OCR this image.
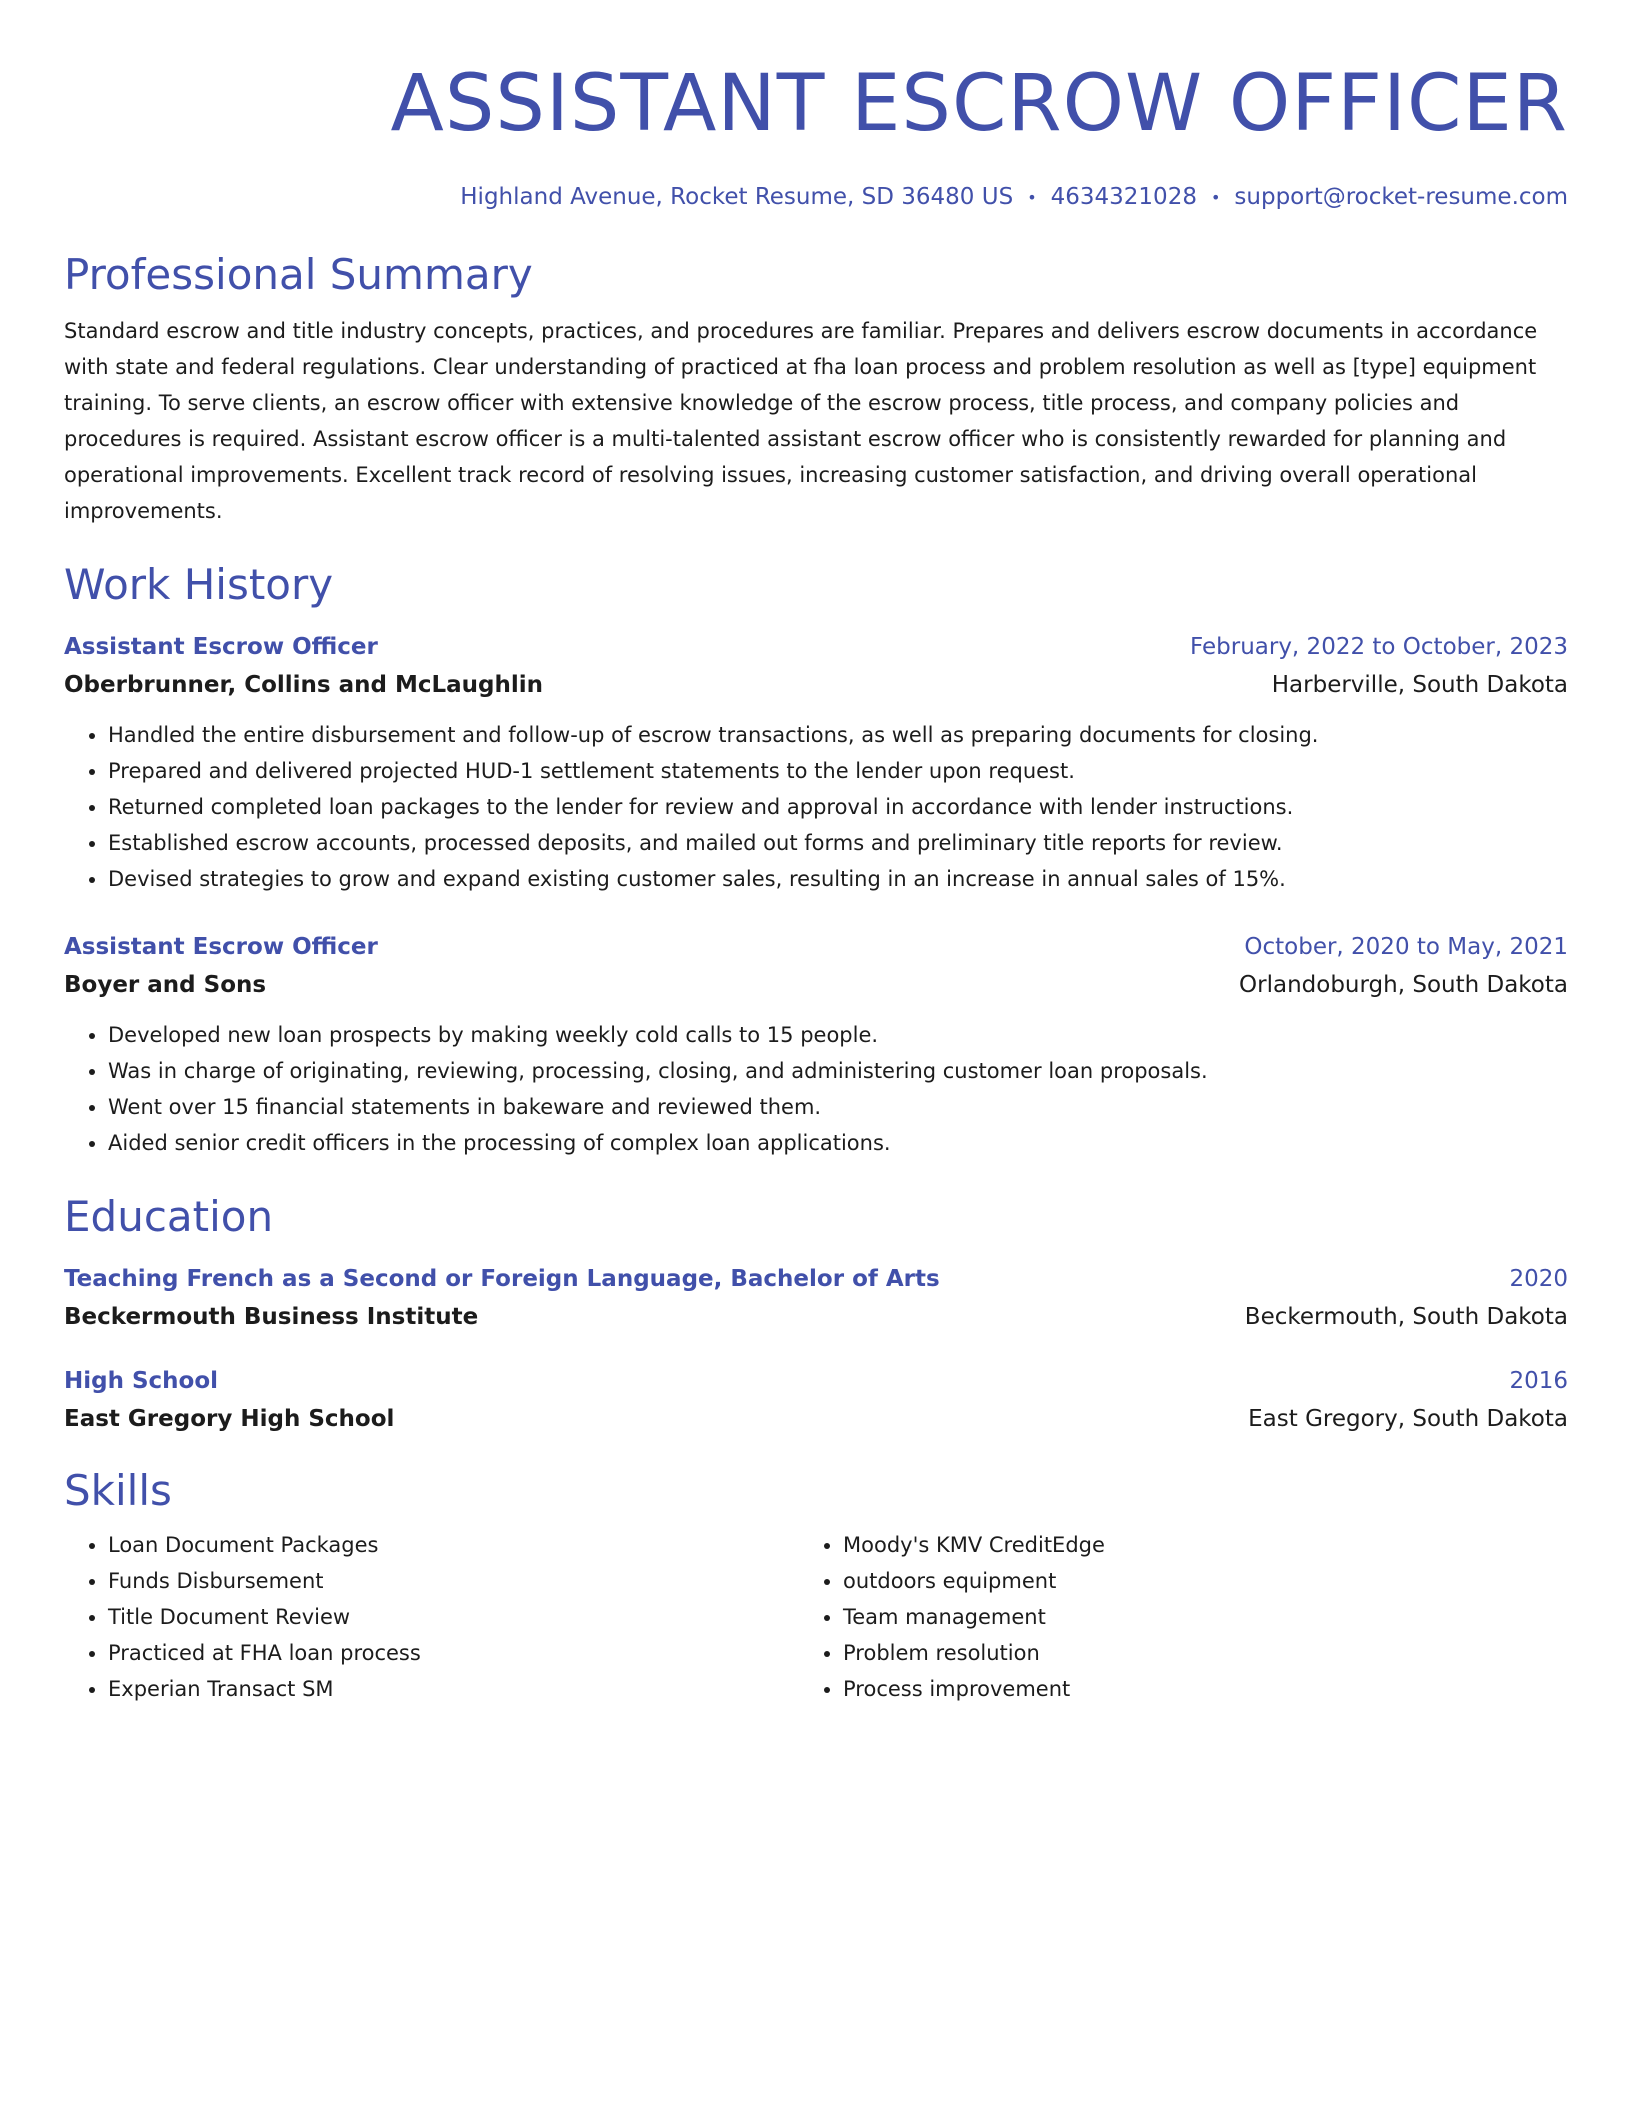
ASSISTANT ESCROW OFFICER
Highland Avenue, Rocket Resume, SD 36480 US • 4634321028 • support@rocket-resume.com
Professional Summary
Standard escrow and title industry concepts, practices, and procedures are familiar. Prepares and delivers escrow documents in accordance with state and federal regulations. Clear understanding of practiced at fha loan process and problem resolution as well as [type] equipment training. To serve clients, an escrow officer with extensive knowledge of the escrow process, title process, and company policies and procedures is required. Assistant escrow officer is a multi-talented assistant escrow officer who is consistently rewarded for planning and operational improvements. Excellent track record of resolving issues, increasing customer satisfaction, and driving overall operational improvements.
Work History
Assistant Escrow Officer	February, 2022 to October, 2023
Oberbrunner, Collins and McLaughlin	Harberville, South Dakota
• Handled the entire disbursement and follow-up of escrow transactions, as well as preparing documents for closing.
• Prepared and delivered projected HUD-1 settlement statements to the lender upon request.
• Returned completed loan packages to the lender for review and approval in accordance with lender instructions.
• Established escrow accounts, processed deposits, and mailed out forms and preliminary title reports for review.
• Devised strategies to grow and expand existing customer sales, resulting in an increase in annual sales of 15%.
Assistant Escrow Officer	October, 2020 to May, 2021
Boyer and Sons	Orlandoburgh, South Dakota
• Developed new loan prospects by making weekly cold calls to 15 people.
• Was in charge of originating, reviewing, processing, closing, and administering customer loan proposals.
• Went over 15 financial statements in bakeware and reviewed them.
• Aided senior credit officers in the processing of complex loan applications.
Education
Teaching French as a Second or Foreign Language, Bachelor of Arts	2020
Beckermouth Business Institute	Beckermouth, South Dakota
High School	2016
East Gregory High School	East Gregory, South Dakota
Skills
• Loan Document Packages
• Funds Disbursement
• Title Document Review
• Practiced at FHA loan process
• Experian Transact SM
• Moody's KMV CreditEdge
• outdoors equipment
• Team management
• Problem resolution
• Process improvement
